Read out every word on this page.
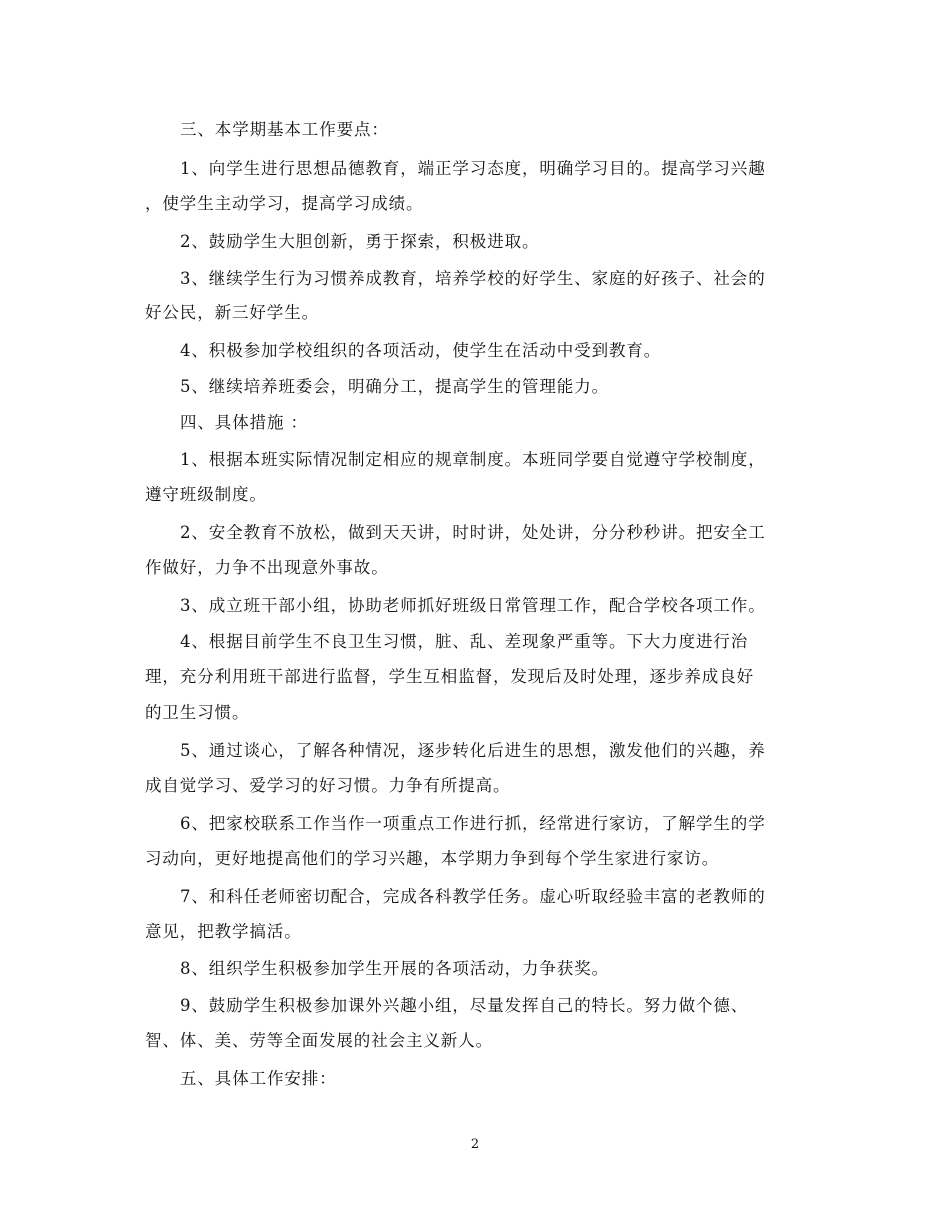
三、本学期基本工作要点：
1、向学生进行思想品德教育，端正学习态度，明确学习目的。提高学习兴趣
，使学生主动学习，提高学习成绩。
2、鼓励学生大胆创新，勇于探索，积极进取。
3、继续学生行为习惯养成教育，培养学校的好学生、家庭的好孩子、社会的
好公民，新三好学生。
4、积极参加学校组织的各项活动，使学生在活动中受到教育。
5、继续培养班委会，明确分工，提高学生的管理能力。
四、具体措施 ：
1、根据本班实际情况制定相应的规章制度。本班同学要自觉遵守学校制度，
遵守班级制度。
2、安全教育不放松，做到天天讲，时时讲，处处讲，分分秒秒讲。把安全工
作做好，力争不出现意外事故。
3、成立班干部小组，协助老师抓好班级日常管理工作，配合学校各项工作。
4、根据目前学生不良卫生习惯，脏、乱、差现象严重等。下大力度进行治
理，充分利用班干部进行监督，学生互相监督，发现后及时处理，逐步养成良好
的卫生习惯。
5、通过谈心，了解各种情况，逐步转化后进生的思想，激发他们的兴趣，养
成自觉学习、爱学习的好习惯。力争有所提高。
6、把家校联系工作当作一项重点工作进行抓，经常进行家访，了解学生的学
习动向，更好地提高他们的学习兴趣，本学期力争到每个学生家进行家访。
7、和科任老师密切配合，完成各科教学任务。虚心听取经验丰富的老教师的
意见，把教学搞活。
8、组织学生积极参加学生开展的各项活动，力争获奖。
9、鼓励学生积极参加课外兴趣小组，尽量发挥自己的特长。努力做个德、
智、体、美、劳等全面发展的社会主义新人。
五、具体工作安排：
2
